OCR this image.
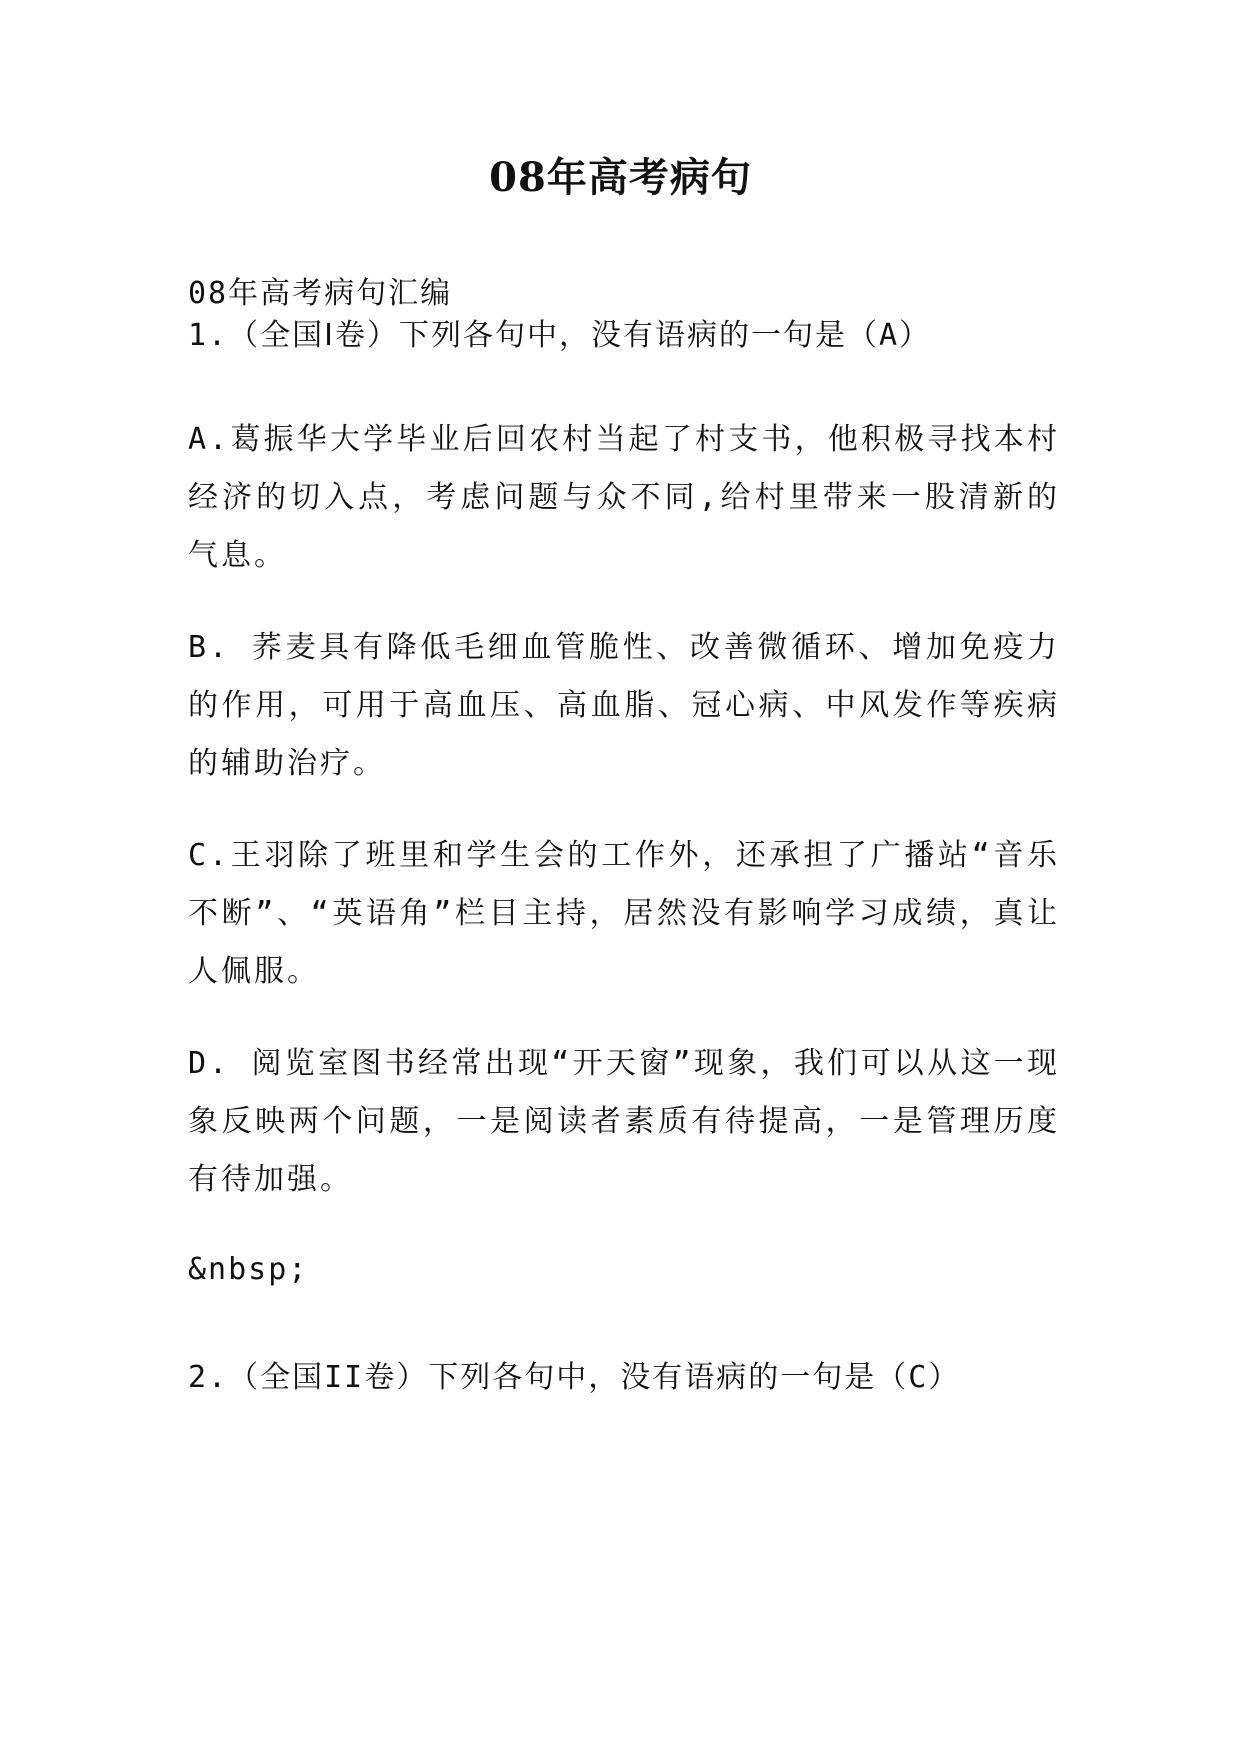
08年高考病句

08年高考病句汇编

1.（全国Ⅰ卷）下列各句中，没有语病的一句是（A）

A.葛振华大学毕业后回农村当起了村支书，他积极寻找本村经济的切入点，考虑问题与众不同,给村里带来一股清新的气息。

B. 荞麦具有降低毛细血管脆性、改善微循环、增加免疫力的作用，可用于高血压、高血脂、冠心病、中风发作等疾病的辅助治疗。

C.王羽除了班里和学生会的工作外，还承担了广播站“音乐不断”、“英语角”栏目主持，居然没有影响学习成绩，真让人佩服。

D. 阅览室图书经常出现“开天窗”现象，我们可以从这一现象反映两个问题，一是阅读者素质有待提高，一是管理历度有待加强。

&nbsp;

2.（全国II卷）下列各句中，没有语病的一句是（C）
